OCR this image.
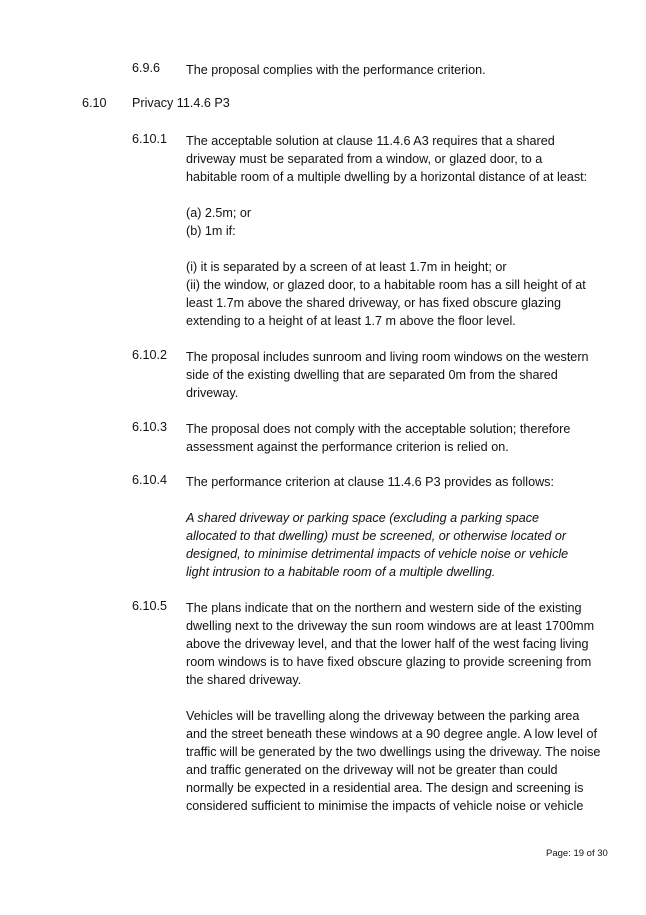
6.9.6 The proposal complies with the performance criterion.

6.10 Privacy 11.4.6 P3
6.10.1 The acceptable solution at clause 11.4.6 A3 requires that a shared
driveway must be separated from a window, or glazed door, to a
habitable room of a multiple dwelling by a horizontal distance of at least:

(a) 2.5m; or
(b) 1m if:

(i) it is separated by a screen of at least 1.7m in height; or
(ii) the window, or glazed door, to a habitable room has a sill height of at
least 1.7m above the shared driveway, or has fixed obscure glazing
extending to a height of at least 1.7 m above the floor level.

6.10.2 The proposal includes sunroom and living room windows on the western
side of the existing dwelling that are separated 0m from the shared
driveway.

6.10.3 The proposal does not comply with the acceptable solution; therefore
assessment against the performance criterion is relied on.

6.10.4 The performance criterion at clause 11.4.6 P3 provides as follows:

A shared driveway or parking space (excluding a parking space
allocated to that dwelling) must be screened, or otherwise located or
designed, to minimise detrimental impacts of vehicle noise or vehicle
light intrusion to a habitable room of a multiple dwelling.

6.10.5 The plans indicate that on the northern and western side of the existing
dwelling next to the driveway the sun room windows are at least 1700mm
above the driveway level, and that the lower half of the west facing living
room windows is to have fixed obscure glazing to provide screening from
the shared driveway.

Vehicles will be travelling along the driveway between the parking area
and the street beneath these windows at a 90 degree angle. A low level of
traffic will be generated by the two dwellings using the driveway. The noise
and traffic generated on the driveway will not be greater than could
normally be expected in a residential area. The design and screening is
considered sufficient to minimise the impacts of vehicle noise or vehicle

Page: 19 of 30
